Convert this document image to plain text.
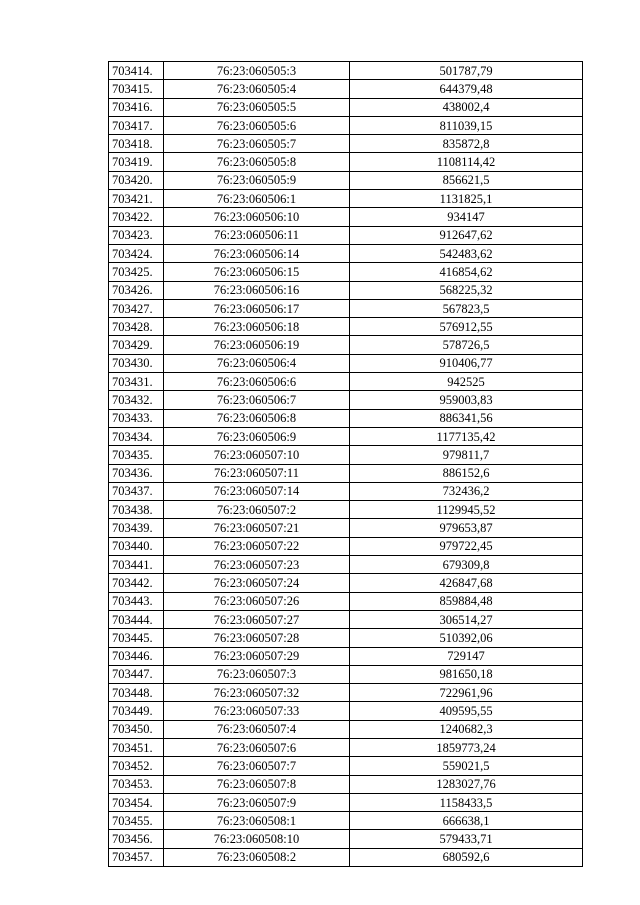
703414.	76:23:060505:3	501787,79
703415.	76:23:060505:4	644379,48
703416.	76:23:060505:5	438002,4
703417.	76:23:060505:6	811039,15
703418.	76:23:060505:7	835872,8
703419.	76:23:060505:8	1108114,42
703420.	76:23:060505:9	856621,5
703421.	76:23:060506:1	1131825,1
703422.	76:23:060506:10	934147
703423.	76:23:060506:11	912647,62
703424.	76:23:060506:14	542483,62
703425.	76:23:060506:15	416854,62
703426.	76:23:060506:16	568225,32
703427.	76:23:060506:17	567823,5
703428.	76:23:060506:18	576912,55
703429.	76:23:060506:19	578726,5
703430.	76:23:060506:4	910406,77
703431.	76:23:060506:6	942525
703432.	76:23:060506:7	959003,83
703433.	76:23:060506:8	886341,56
703434.	76:23:060506:9	1177135,42
703435.	76:23:060507:10	979811,7
703436.	76:23:060507:11	886152,6
703437.	76:23:060507:14	732436,2
703438.	76:23:060507:2	1129945,52
703439.	76:23:060507:21	979653,87
703440.	76:23:060507:22	979722,45
703441.	76:23:060507:23	679309,8
703442.	76:23:060507:24	426847,68
703443.	76:23:060507:26	859884,48
703444.	76:23:060507:27	306514,27
703445.	76:23:060507:28	510392,06
703446.	76:23:060507:29	729147
703447.	76:23:060507:3	981650,18
703448.	76:23:060507:32	722961,96
703449.	76:23:060507:33	409595,55
703450.	76:23:060507:4	1240682,3
703451.	76:23:060507:6	1859773,24
703452.	76:23:060507:7	559021,5
703453.	76:23:060507:8	1283027,76
703454.	76:23:060507:9	1158433,5
703455.	76:23:060508:1	666638,1
703456.	76:23:060508:10	579433,71
703457.	76:23:060508:2	680592,6
